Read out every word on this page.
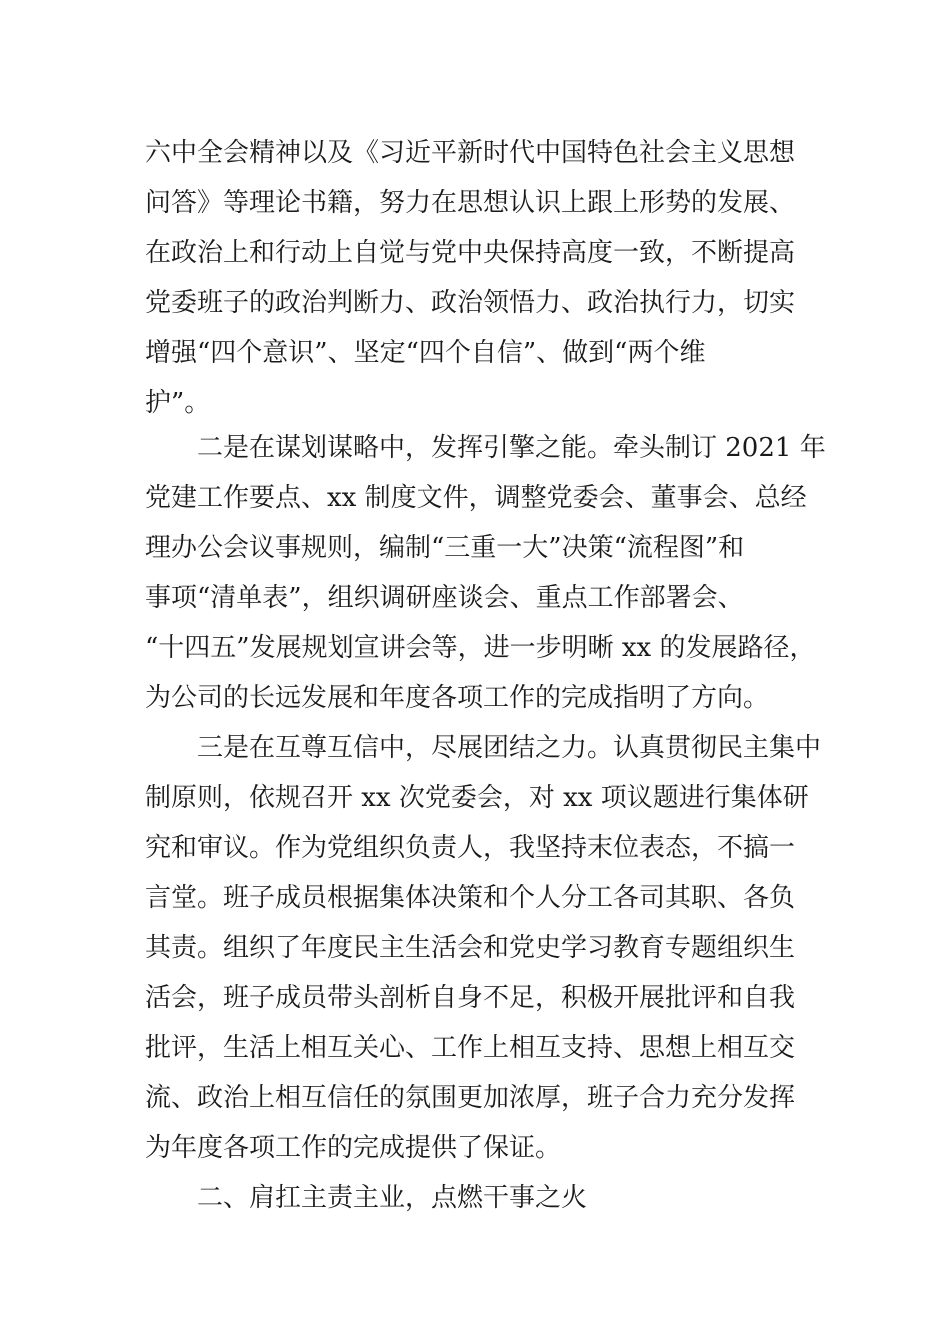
六中全会精神以及《习近平新时代中国特色社会主义思想
问答》等理论书籍，努力在思想认识上跟上形势的发展、
在政治上和行动上自觉与党中央保持高度一致，不断提高
党委班子的政治判断力、政治领悟力、政治执行力，切实
增强“四个意识”、坚定“四个自信”、做到“两个维
护”。
　　二是在谋划谋略中，发挥引擎之能。牵头制订 2021 年
党建工作要点、xx 制度文件，调整党委会、董事会、总经
理办公会议事规则，编制“三重一大”决策“流程图”和
事项“清单表”，组织调研座谈会、重点工作部署会、
“十四五”发展规划宣讲会等，进一步明晰 xx 的发展路径，
为公司的长远发展和年度各项工作的完成指明了方向。
　　三是在互尊互信中，尽展团结之力。认真贯彻民主集中
制原则，依规召开 xx 次党委会，对 xx 项议题进行集体研
究和审议。作为党组织负责人，我坚持末位表态，不搞一
言堂。班子成员根据集体决策和个人分工各司其职、各负
其责。组织了年度民主生活会和党史学习教育专题组织生
活会，班子成员带头剖析自身不足，积极开展批评和自我
批评，生活上相互关心、工作上相互支持、思想上相互交
流、政治上相互信任的氛围更加浓厚，班子合力充分发挥
为年度各项工作的完成提供了保证。
　　二、肩扛主责主业，点燃干事之火
